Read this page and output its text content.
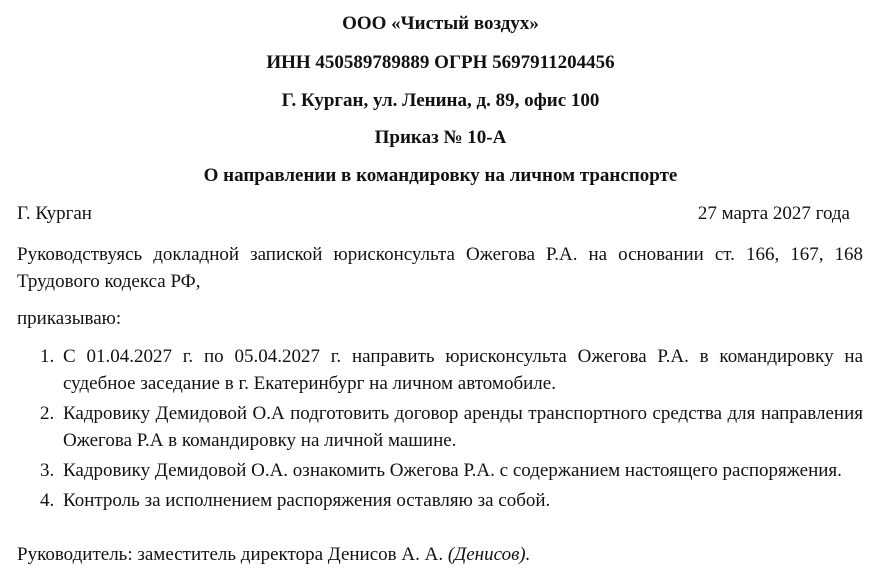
ООО «Чистый воздух»
ИНН 450589789889 ОГРН 5697911204456
Г. Курган, ул. Ленина, д. 89, офис 100
Приказ № 10-А
О направлении в командировку на личном транспорте
Г. Курган	27 марта 2027 года
Руководствуясь докладной запиской юрисконсульта Ожегова Р.А. на основании ст. 166, 167, 168 Трудового кодекса РФ,
приказываю:
1. С 01.04.2027 г. по 05.04.2027 г. направить юрисконсульта Ожегова Р.А. в командировку на судебное заседание в г. Екатеринбург на личном автомобиле.
2. Кадровику Демидовой О.А подготовить договор аренды транспортного средства для направления Ожегова Р.А в командировку на личной машине.
3. Кадровику Демидовой О.А. ознакомить Ожегова Р.А. с содержанием настоящего распоряжения.
4. Контроль за исполнением распоряжения оставляю за собой.
Руководитель: заместитель директора Денисов А. А. (Денисов).
